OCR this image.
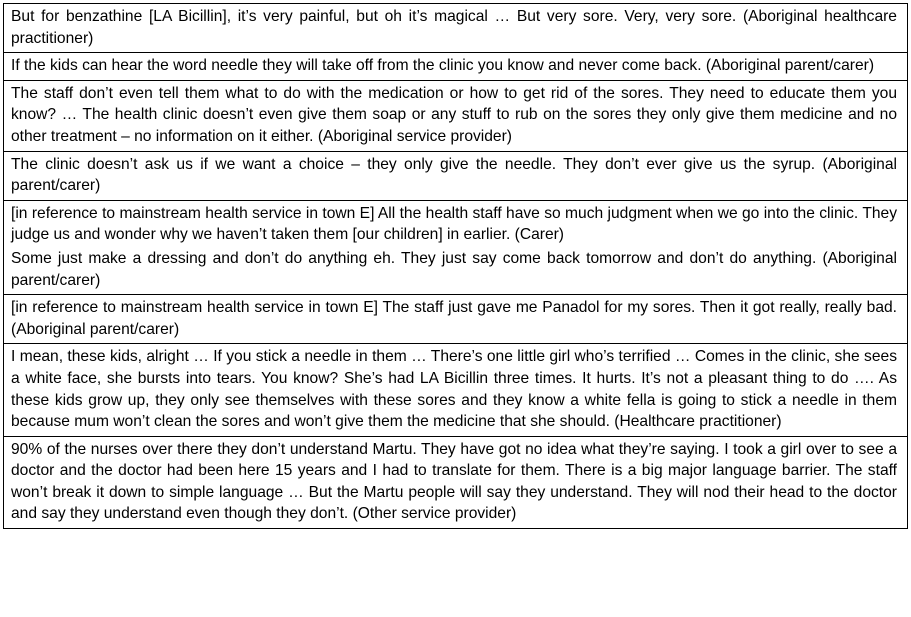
But for benzathine [LA Bicillin], it’s very painful, but oh it’s magical … But very sore. Very, very sore. (Aboriginal healthcare practitioner)

If the kids can hear the word needle they will take off from the clinic you know and never come back. (Aboriginal parent/carer)

The staff don’t even tell them what to do with the medication or how to get rid of the sores. They need to educate them you know? … The health clinic doesn’t even give them soap or any stuff to rub on the sores they only give them medicine and no other treatment – no information on it either. (Aboriginal service provider)

The clinic doesn’t ask us if we want a choice – they only give the needle. They don’t ever give us the syrup. (Aboriginal parent/carer)

[in reference to mainstream health service in town E] All the health staff have so much judgment when we go into the clinic. They judge us and wonder why we haven’t taken them [our children] in earlier. (Carer)

Some just make a dressing and don’t do anything eh. They just say come back tomorrow and don’t do anything. (Aboriginal parent/carer)

[in reference to mainstream health service in town E] The staff just gave me Panadol for my sores. Then it got really, really bad. (Aboriginal parent/carer)

I mean, these kids, alright … If you stick a needle in them … There’s one little girl who’s terrified … Comes in the clinic, she sees a white face, she bursts into tears. You know? She’s had LA Bicillin three times. It hurts. It’s not a pleasant thing to do …. As these kids grow up, they only see themselves with these sores and they know a white fella is going to stick a needle in them because mum won’t clean the sores and won’t give them the medicine that she should. (Healthcare practitioner)

90% of the nurses over there they don’t understand Martu. They have got no idea what they’re saying. I took a girl over to see a doctor and the doctor had been here 15 years and I had to translate for them. There is a big major language barrier. The staff won’t break it down to simple language … But the Martu people will say they understand. They will nod their head to the doctor and say they understand even though they don’t. (Other service provider)
